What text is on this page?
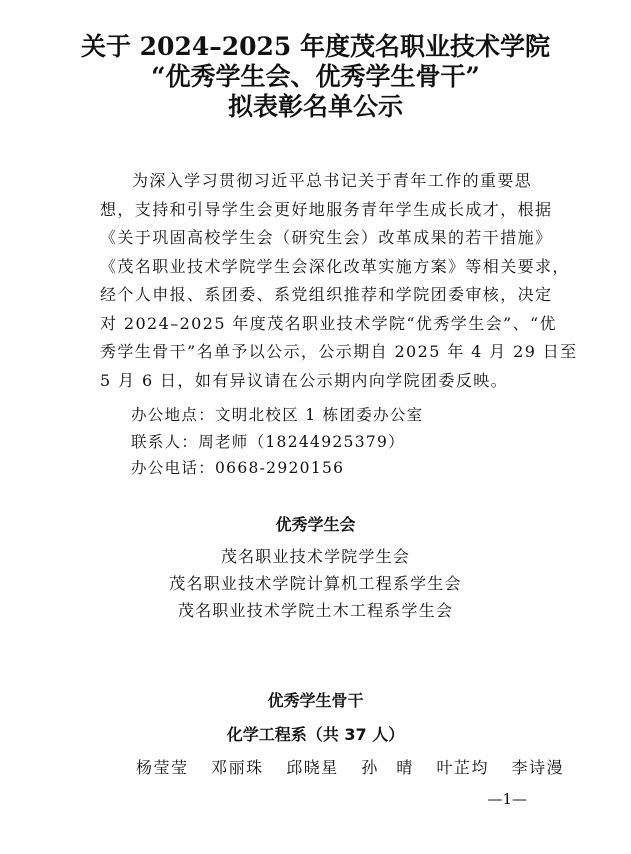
关于 2024–2025 年度茂名职业技术学院
“优秀学生会、优秀学生骨干”
拟表彰名单公示

为深入学习贯彻习近平总书记关于青年工作的重要思
想，支持和引导学生会更好地服务青年学生成长成才，根据
《关于巩固高校学生会（研究生会）改革成果的若干措施》
《茂名职业技术学院学生会深化改革实施方案》等相关要求，
经个人申报、系团委、系党组织推荐和学院团委审核，决定
对 2024–2025 年度茂名职业技术学院“优秀学生会”、“优
秀学生骨干”名单予以公示，公示期自 2025 年 4 月 29 日至
5 月 6 日，如有异议请在公示期内向学院团委反映。

办公地点：文明北校区 1 栋团委办公室
联系人：周老师（18244925379）
办公电话：0668-2920156
优秀学生会
茂名职业技术学院学生会
茂名职业技术学院计算机工程系学生会
茂名职业技术学院土木工程系学生会
优秀学生骨干
化学工程系（共 37 人）
杨莹莹 邓丽珠 邱晓星 孙　晴 叶芷均 李诗漫
—1—
